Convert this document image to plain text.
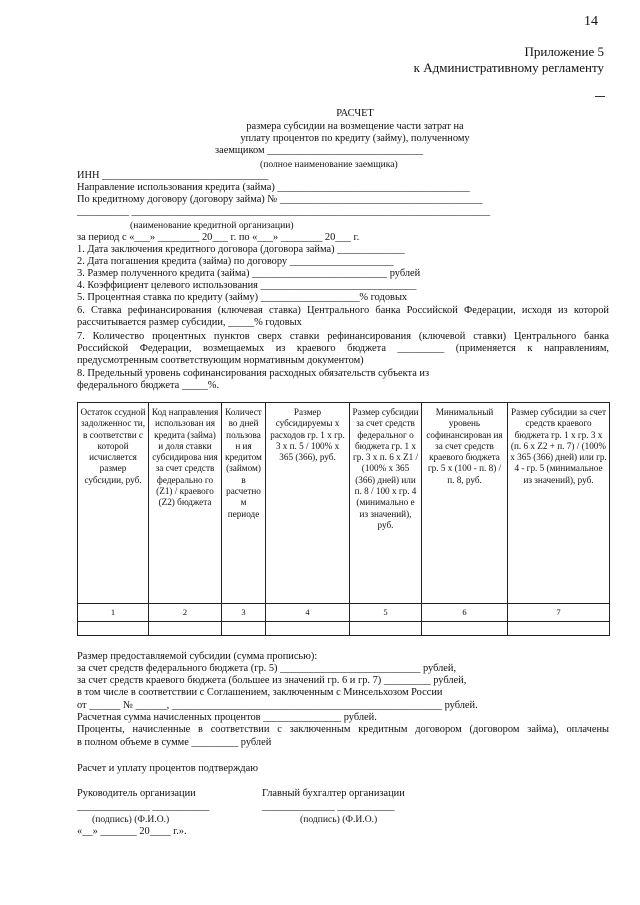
14
Приложение 5
к Административному регламенту
РАСЧЕТ
размера субсидии на возмещение части затрат на
уплату процентов по кредиту (займу), полученному
заемщиком ______________________________
(полное наименование заемщика)
ИНН ________________________________
Направление использования кредита (займа) _____________________________________
По кредитному договору (договору займа) № _______________________________________
__________ _____________________________________________________________________
(наименование кредитной организации)
за период с «___» ________ 20___ г. по «___» ________ 20___ г.
1. Дата заключения кредитного договора (договора займа) _____________
2. Дата погашения кредита (займа) по договору ____________________
3. Размер полученного кредита (займа) __________________________ рублей
4. Коэффициент целевого использования ______________________________
5. Процентная ставка по кредиту (займу) ___________________% годовых
6. Ставка рефинансирования (ключевая ставка) Центрального банка Российской Федерации, исходя из которой
рассчитывается размер субсидии, _____% годовых
7. Количество процентных пунктов сверх ставки рефинансирования (ключевой ставки) Центрального банка
Российской Федерации, возмещаемых из краевого бюджета _________ (применяется к направлениям,
предусмотренным соответствующим нормативным документом)
8. Предельный уровень софинансирования расходных обязательств субъекта из
федерального бюджета _____%.
Остаток ссудной задолженнос ти, в соответстви с которой исчисляется размер субсидии, руб.	Код направления использован ия кредита (займа) и доля ставки субсидирова ния за счет средств федерально го (Z1) / краевого (Z2) бюджета	Количест во дней пользован ия кредитом (займом) в расчетно м периоде	Размер субсидируемы х расходов гр. 1 х гр. 3 х п. 5 / 100% х 365 (366), руб.	Размер субсидии за счет средств федеральног о бюджета гр. 1 х гр. 3 х п. 6 х Z1 / (100% х 365 (366) дней) или п. 8 / 100 х гр. 4 (минимально е из значений), руб.	Минимальный уровень софинансирован ия за счет средств краевого бюджета гр. 5 х (100 - п. 8) / п. 8, руб.	Размер субсидии за счет средств краевого бюджета гр. 1 х гр. 3 х (п. 6 х Z2 + п. 7) / (100% х 365 (366) дней) или гр. 4 - гр. 5 (минимальное из значений), руб.
1	2	3	4	5	6	7

Размер предоставляемой субсидии (сумма прописью):
за счет средств федерального бюджета (гр. 5) ___________________________ рублей,
за счет средств краевого бюджета (большее из значений гр. 6 и гр. 7) _________ рублей,
в том числе в соответствии с Соглашением, заключенным с Минсельхозом России
от ______ № ______, ____________________________________________________ рублей.
Расчетная сумма начисленных процентов _______________ рублей.
Проценты, начисленные в соответствии с заключенным кредитным договором (договором займа), оплачены
в полном объеме в сумме _________ рублей
Расчет и уплату процентов подтверждаю
Руководитель организации	Главный бухгалтер организации
______________ ___________	______________ ___________
(подпись) (Ф.И.О.)	(подпись) (Ф.И.О.)
«__» _______ 20____ г.».
